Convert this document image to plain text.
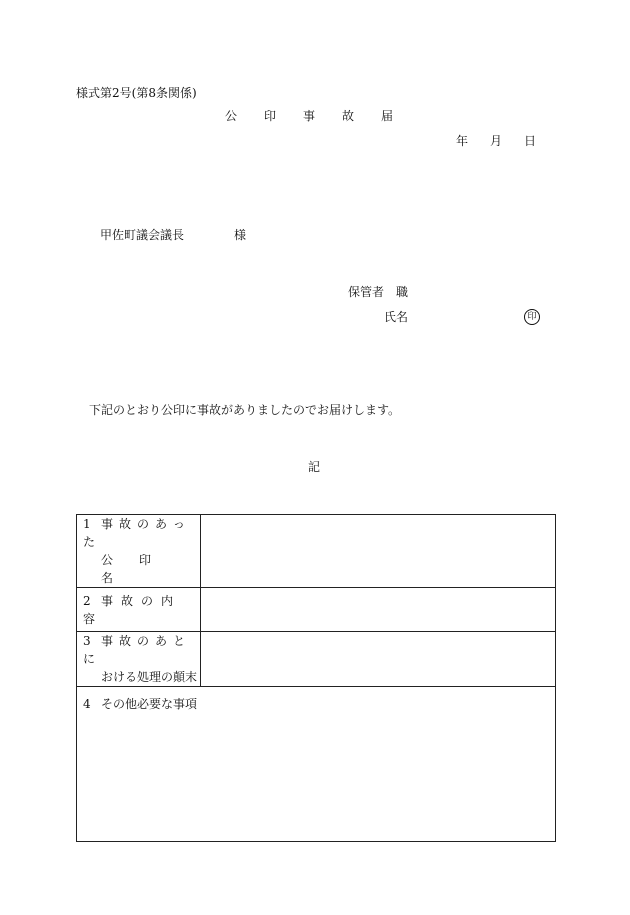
様式第2号(第8条関係)
公印事故届
年月日
甲佐町議会議長	様
保管者 職
氏名	印
下記のとおり公印に事故がありましたのでお届けします。
記
1 事故のあった
公印名	

2 事故の内容	

3 事故のあとに
おける処理の顛末	

4 その他必要な事項	
